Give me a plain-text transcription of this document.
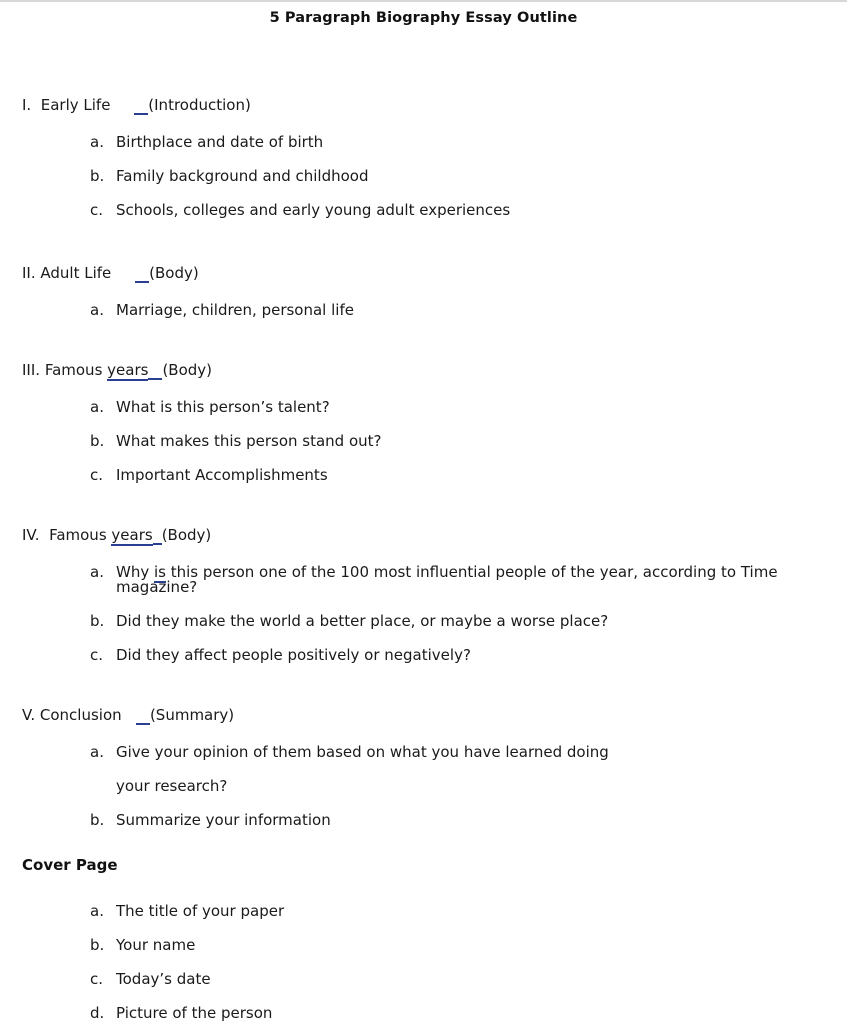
5 Paragraph Biography Essay Outline
I. Early Life	(Introduction)
a. Birthplace and date of birth
b. Family background and childhood
c. Schools, colleges and early young adult experiences
II. Adult Life	(Body)
a. Marriage, children, personal life
III. Famous years (Body)
a. What is this person’s talent?
b. What makes this person stand out?
c. Important Accomplishments
IV. Famous years (Body)
a. Why is this person one of the 100 most influential people of the year, according to Time magazine?
b. Did they make the world a better place, or maybe a worse place?
c. Did they affect people positively or negatively?
V. Conclusion (Summary)
a. Give your opinion of them based on what you have learned doing
your research?
b. Summarize your information
Cover Page
a. The title of your paper
b. Your name
c. Today’s date
d. Picture of the person
